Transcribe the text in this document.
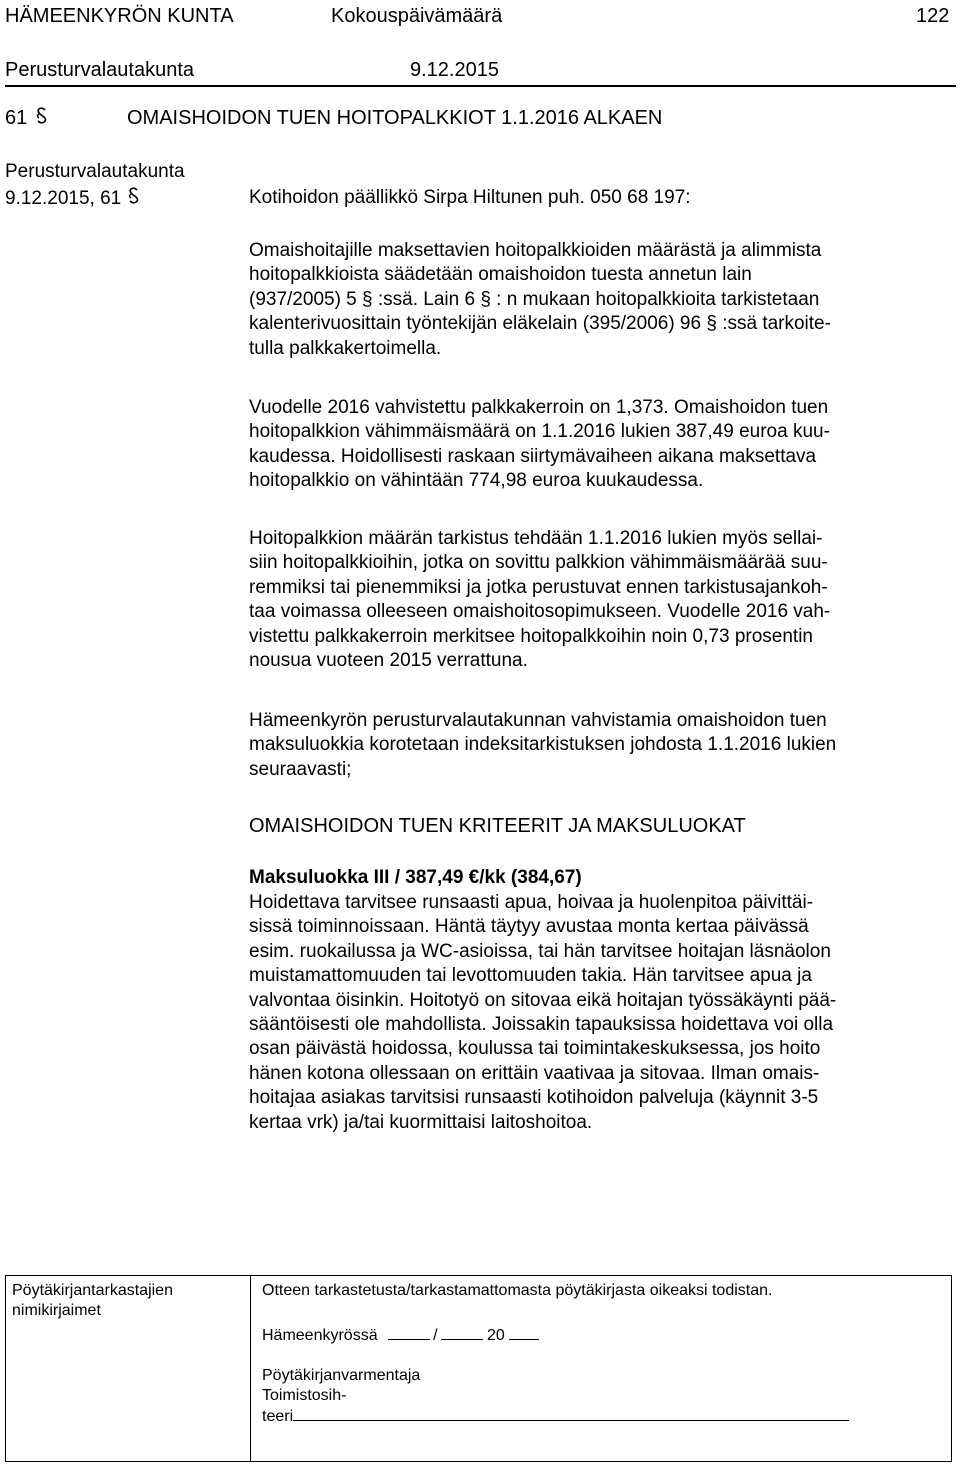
HÄMEENKYRÖN KUNTA	Kokouspäivämäärä	122
Perusturvalautakunta	9.12.2015
61	OMAISHOIDON TUEN HOITOPALKKIOT 1.1.2016 ALKAEN
Perusturvalautakunta
9.12.2015, 61	Kotihoidon päällikkö Sirpa Hiltunen puh. 050 68 197:

Omaishoitajille maksettavien hoitopalkkioiden määrästä ja alimmista

hoitopalkkioista säädetään omaishoidon tuesta annetun lain

(937/2005) 5 § :ssä. Lain 6 § : n mukaan hoitopalkkioita tarkistetaan

kalenterivuosittain työntekijän eläkelain (395/2006) 96 § :ssä tarkoite-

tulla palkkakertoimella.

Vuodelle 2016 vahvistettu palkkakerroin on 1,373. Omaishoidon tuen

hoitopalkkion vähimmäismäärä on 1.1.2016 lukien 387,49 euroa kuu-

kaudessa. Hoidollisesti raskaan siirtymävaiheen aikana maksettava

hoitopalkkio on vähintään 774,98 euroa kuukaudessa.

Hoitopalkkion määrän tarkistus tehdään 1.1.2016 lukien myös sellai-

siin hoitopalkkioihin, jotka on sovittu palkkion vähimmäismäärää suu-

remmiksi tai pienemmiksi ja jotka perustuvat ennen tarkistusajankoh-

taa voimassa olleeseen omaishoitosopimukseen. Vuodelle 2016 vah-

vistettu palkkakerroin merkitsee hoitopalkkoihin noin 0,73 prosentin

nousua vuoteen 2015 verrattuna.

Hämeenkyrön perusturvalautakunnan vahvistamia omaishoidon tuen

maksuluokkia korotetaan indeksitarkistuksen johdosta 1.1.2016 lukien

seuraavasti;

OMAISHOIDON TUEN KRITEERIT JA MAKSULUOKAT

Maksuluokka III / 387,49 €/kk (384,67)

Hoidettava tarvitsee runsaasti apua, hoivaa ja huolenpitoa päivittäi-

sissä toiminnoissaan. Häntä täytyy avustaa monta kertaa päivässä

esim. ruokailussa ja WC-asioissa, tai hän tarvitsee hoitajan läsnäolon

muistamattomuuden tai levottomuuden takia. Hän tarvitsee apua ja

valvontaa öisinkin. Hoitotyö on sitovaa eikä hoitajan työssäkäynti pää-

sääntöisesti ole mahdollista. Joissakin tapauksissa hoidettava voi olla

osan päivästä hoidossa, koulussa tai toimintakeskuksessa, jos hoito

hänen kotona ollessaan on erittäin vaativaa ja sitovaa. Ilman omais-

hoitajaa asiakas tarvitsisi runsaasti kotihoidon palveluja (käynnit 3-5

kertaa vrk) ja/tai kuormittaisi laitoshoitoa.

Pöytäkirjantarkastajien
nimikirjaimet
Otteen tarkastetusta/tarkastamattomasta pöytäkirjasta oikeaksi todistan.
Hämeenkyrössä	/	20
Pöytäkirjanvarmentaja
Toimistosih-
teeri
